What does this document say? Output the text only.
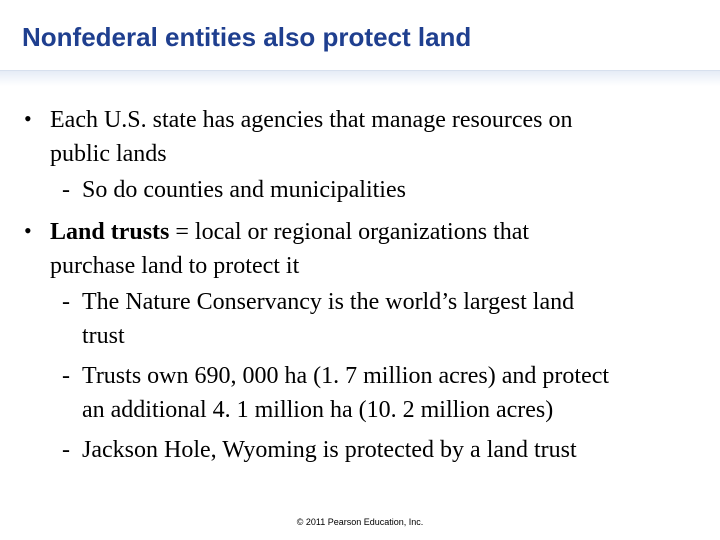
Nonfederal entities also protect land
• Each U.S. state has agencies that manage resources on
public lands
- So do counties and municipalities
• Land trusts = local or regional organizations that
purchase land to protect it
- The Nature Conservancy is the world’s largest land
trust
- Trusts own 690, 000 ha (1. 7 million acres) and protect
an additional 4. 1 million ha (10. 2 million acres)
- Jackson Hole, Wyoming is protected by a land trust
© 2011 Pearson Education, Inc.
